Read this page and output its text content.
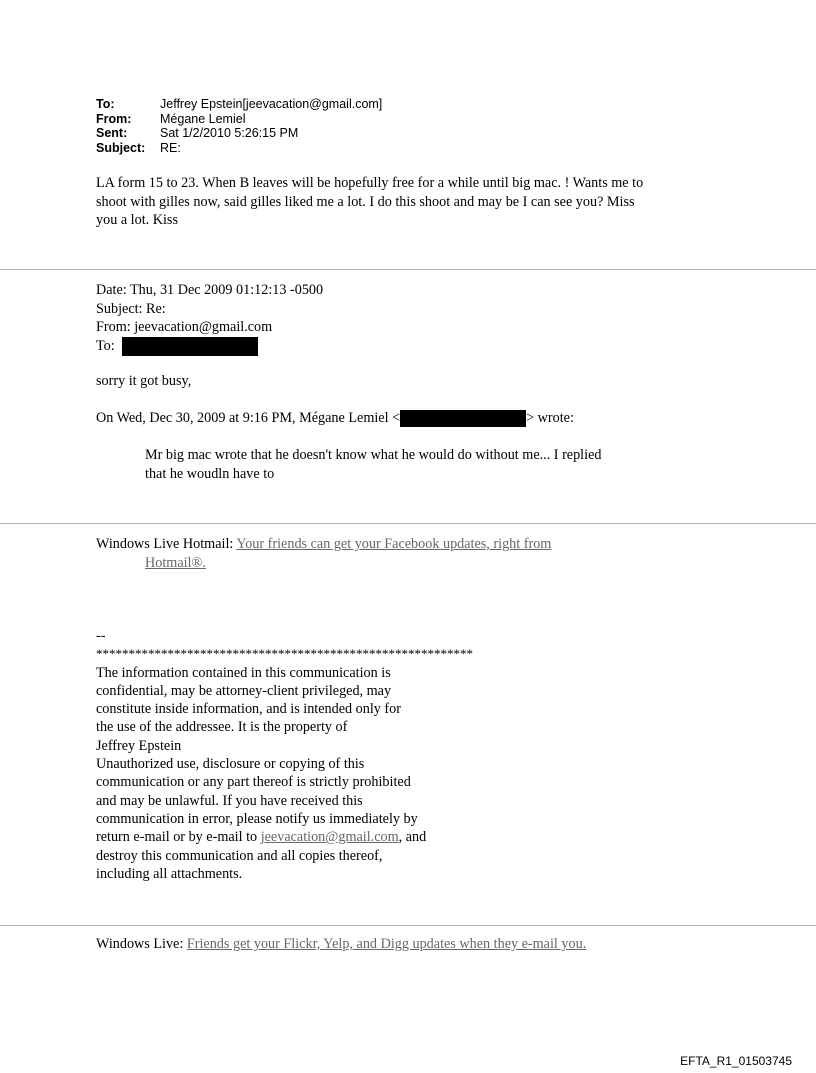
To:	Jeffrey Epstein[jeevacation@gmail.com]
From:	Mégane Lemiel
Sent:	Sat 1/2/2010 5:26:15 PM
Subject:	RE:
LA form 15 to 23. When B leaves will be hopefully free for a while until big mac. ! Wants me to
shoot with gilles now, said gilles liked me a lot. I do this shoot and may be I can see you? Miss
you a lot. Kiss
Date: Thu, 31 Dec 2009 01:12:13 -0500
Subject: Re:
From: jeevacation@gmail.com
To:
sorry it got busy,
On Wed, Dec 30, 2009 at 9:16 PM, Mégane Lemiel <	> wrote:
Mr big mac wrote that he doesn't know what he would do without me... I replied
that he woudln have to
Windows Live Hotmail: Your friends can get your Facebook updates, right from
Hotmail®.
--
**********************************************************
The information contained in this communication is
confidential, may be attorney-client privileged, may
constitute inside information, and is intended only for
the use of the addressee. It is the property of
Jeffrey Epstein
Unauthorized use, disclosure or copying of this
communication or any part thereof is strictly prohibited
and may be unlawful. If you have received this
communication in error, please notify us immediately by
return e-mail or by e-mail to jeevacation@gmail.com, and
destroy this communication and all copies thereof,
including all attachments.
Windows Live: Friends get your Flickr, Yelp, and Digg updates when they e-mail you.
EFTA_R1_01503745
